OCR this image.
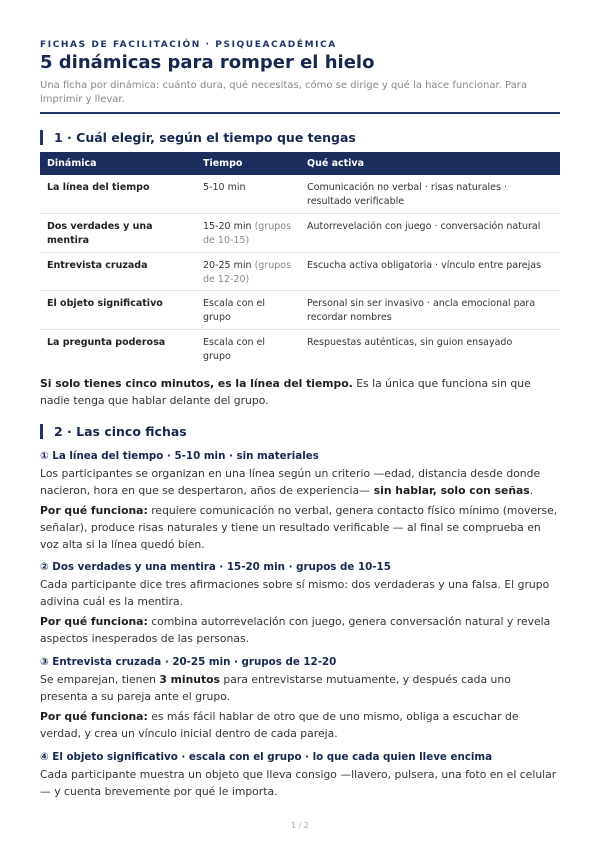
FICHAS DE FACILITACIÓN · PSIQUEACADÉMICA
5 dinámicas para romper el hielo
Una ficha por dinámica: cuánto dura, qué necesitas, cómo se dirige y qué la hace funcionar. Para imprimir y llevar.
1 · Cuál elegir, según el tiempo que tengas
Dinámica	Tiempo	Qué activa
La línea del tiempo	5-10 min	Comunicación no verbal · risas naturales · resultado verificable
Dos verdades y una mentira	15-20 min (grupos de 10-15)	Autorrevelación con juego · conversación natural
Entrevista cruzada	20-25 min (grupos de 12-20)	Escucha activa obligatoria · vínculo entre parejas
El objeto significativo	Escala con el grupo	Personal sin ser invasivo · ancla emocional para recordar nombres
La pregunta poderosa	Escala con el grupo	Respuestas auténticas, sin guion ensayado
Si solo tienes cinco minutos, es la línea del tiempo. Es la única que funciona sin que nadie tenga que hablar delante del grupo.
2 · Las cinco fichas
① La línea del tiempo · 5-10 min · sin materiales
Los participantes se organizan en una línea según un criterio —edad, distancia desde donde nacieron, hora en que se despertaron, años de experiencia— sin hablar, solo con señas.
Por qué funciona: requiere comunicación no verbal, genera contacto físico mínimo (moverse, señalar), produce risas naturales y tiene un resultado verificable — al final se comprueba en voz alta si la línea quedó bien.
② Dos verdades y una mentira · 15-20 min · grupos de 10-15
Cada participante dice tres afirmaciones sobre sí mismo: dos verdaderas y una falsa. El grupo adivina cuál es la mentira.
Por qué funciona: combina autorrevelación con juego, genera conversación natural y revela aspectos inesperados de las personas.
③ Entrevista cruzada · 20-25 min · grupos de 12-20
Se emparejan, tienen 3 minutos para entrevistarse mutuamente, y después cada uno presenta a su pareja ante el grupo.
Por qué funciona: es más fácil hablar de otro que de uno mismo, obliga a escuchar de verdad, y crea un vínculo inicial dentro de cada pareja.
④ El objeto significativo · escala con el grupo · lo que cada quien lleve encima
Cada participante muestra un objeto que lleva consigo —llavero, pulsera, una foto en el celular— y cuenta brevemente por qué le importa.
1 / 2
